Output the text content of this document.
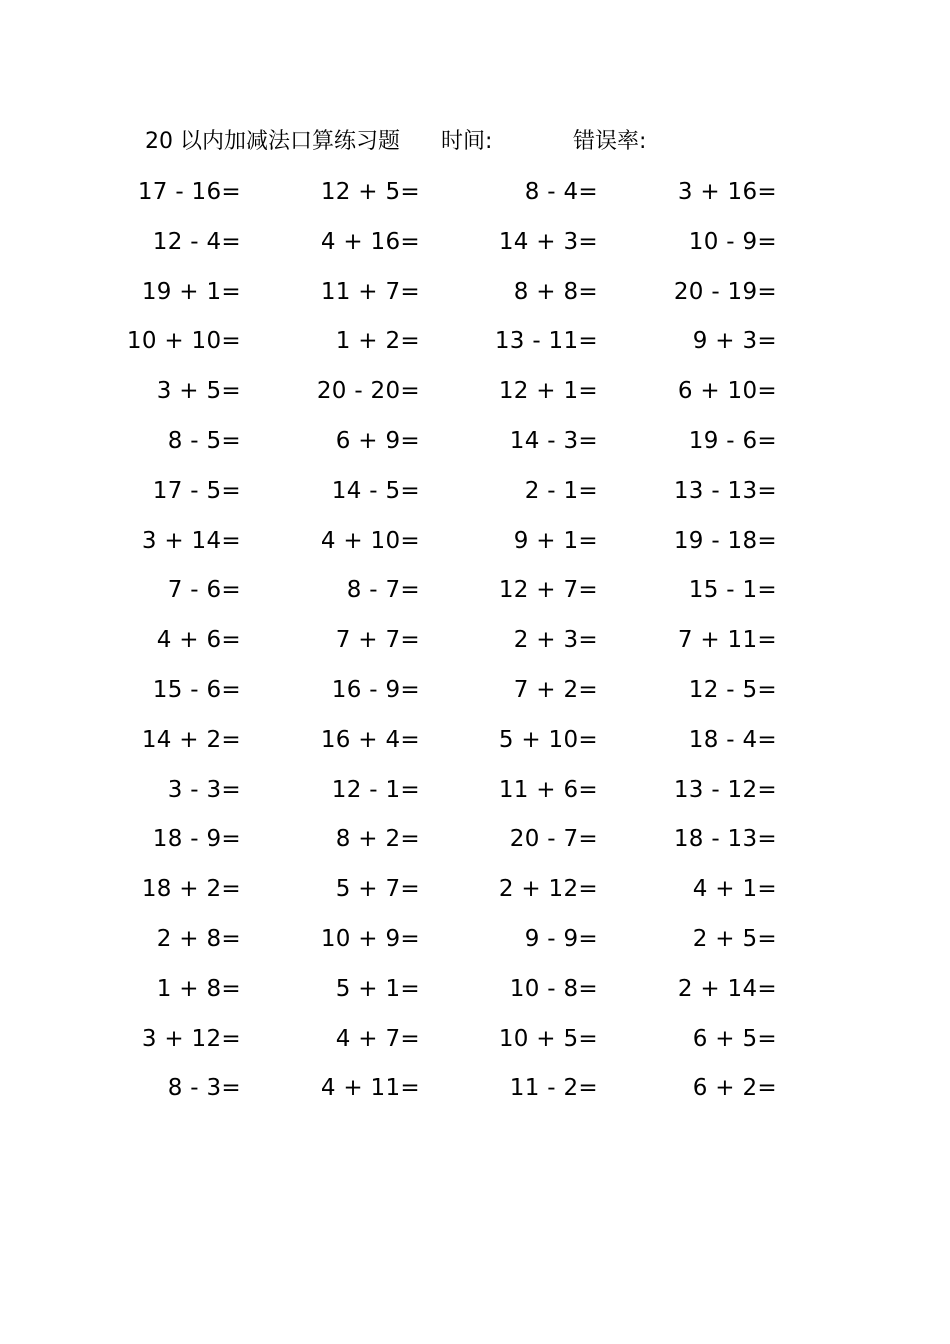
20 以内加减法口算练习题 时间:	错误率:
17 - 16=	12 + 5=	8 - 4=	3 + 16=
12 - 4=	4 + 16=	14 + 3=	10 - 9=
19 + 1=	11 + 7=	8 + 8=	20 - 19=
10 + 10=	1 + 2=	13 - 11=	9 + 3=
3 + 5=	20 - 20=	12 + 1=	6 + 10=
8 - 5=	6 + 9=	14 - 3=	19 - 6=
17 - 5=	14 - 5=	2 - 1=	13 - 13=
3 + 14=	4 + 10=	9 + 1=	19 - 18=
7 - 6=	8 - 7=	12 + 7=	15 - 1=
4 + 6=	7 + 7=	2 + 3=	7 + 11=
15 - 6=	16 - 9=	7 + 2=	12 - 5=
14 + 2=	16 + 4=	5 + 10=	18 - 4=
3 - 3=	12 - 1=	11 + 6=	13 - 12=
18 - 9=	8 + 2=	20 - 7=	18 - 13=
18 + 2=	5 + 7=	2 + 12=	4 + 1=
2 + 8=	10 + 9=	9 - 9=	2 + 5=
1 + 8=	5 + 1=	10 - 8=	2 + 14=
3 + 12=	4 + 7=	10 + 5=	6 + 5=
8 - 3=	4 + 11=	11 - 2=	6 + 2=
